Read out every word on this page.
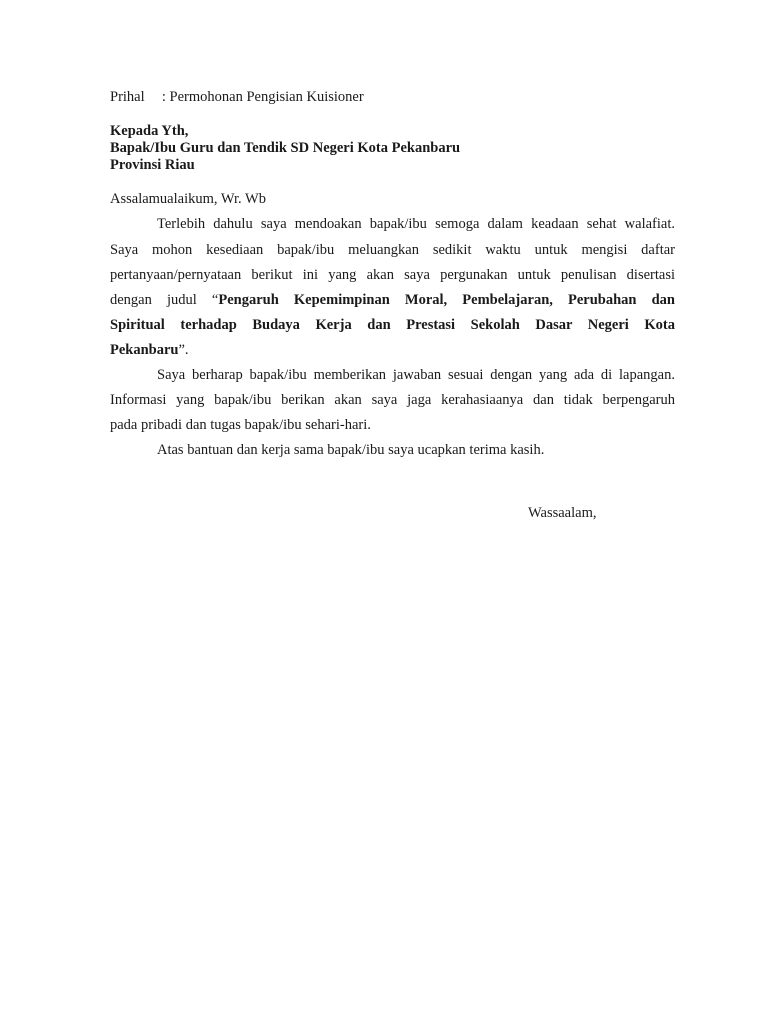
Prihal : Permohonan Pengisian Kuisioner
Kepada Yth,
Bapak/Ibu Guru dan Tendik SD Negeri Kota Pekanbaru
Provinsi Riau
Assalamualaikum, Wr. Wb
Terlebih dahulu saya mendoakan bapak/ibu semoga dalam keadaan sehat walafiat.
Saya mohon kesediaan bapak/ibu meluangkan sedikit waktu untuk mengisi daftar
pertanyaan/pernyataan berikut ini yang akan saya pergunakan untuk penulisan disertasi
dengan judul “Pengaruh Kepemimpinan Moral, Pembelajaran, Perubahan dan
Spiritual terhadap Budaya Kerja dan Prestasi Sekolah Dasar Negeri Kota
Pekanbaru”.
Saya berharap bapak/ibu memberikan jawaban sesuai dengan yang ada di lapangan.
Informasi yang bapak/ibu berikan akan saya jaga kerahasiaanya dan tidak berpengaruh
pada pribadi dan tugas bapak/ibu sehari-hari.
Atas bantuan dan kerja sama bapak/ibu saya ucapkan terima kasih.
Wassaalam,
